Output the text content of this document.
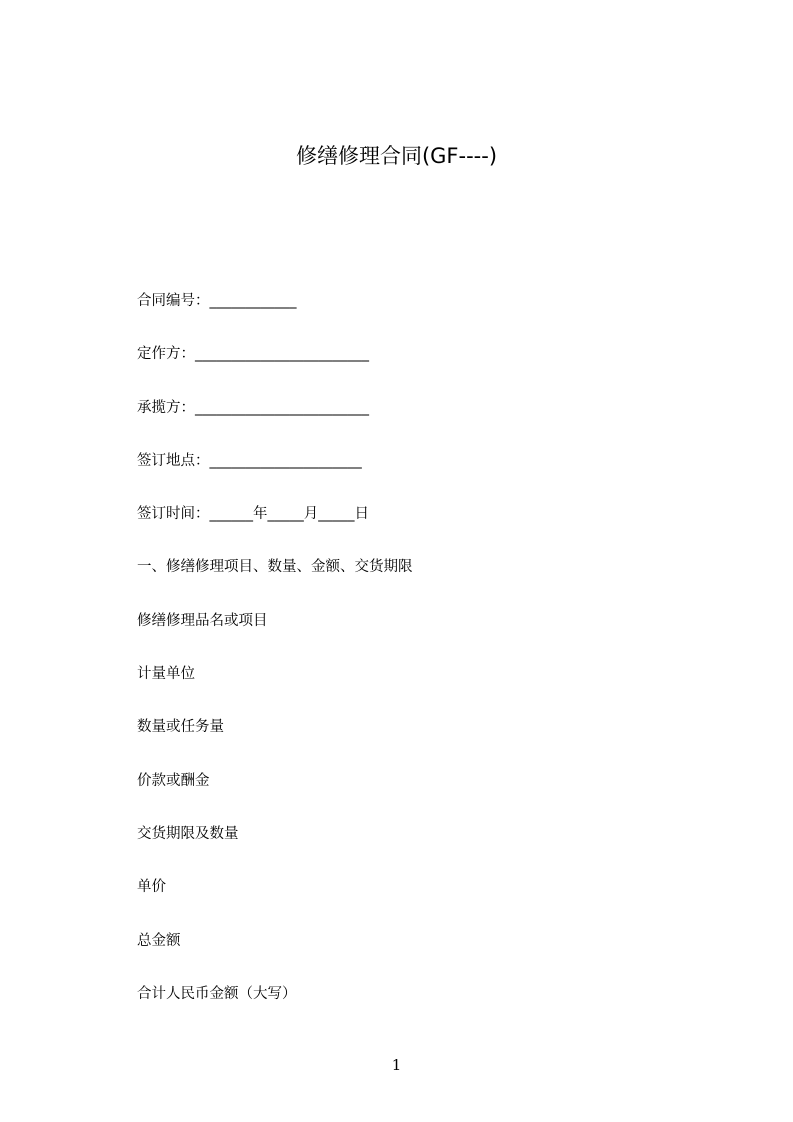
修缮修理合同(GF----)
合同编号：____________
定作方：________________________
承揽方：________________________
签订地点：_____________________
签订时间：______年_____月_____日
一、修缮修理项目、数量、金额、交货期限
修缮修理品名或项目
计量单位
数量或任务量
价款或酬金
交货期限及数量
单价
总金额
合计人民币金额（大写）
1
